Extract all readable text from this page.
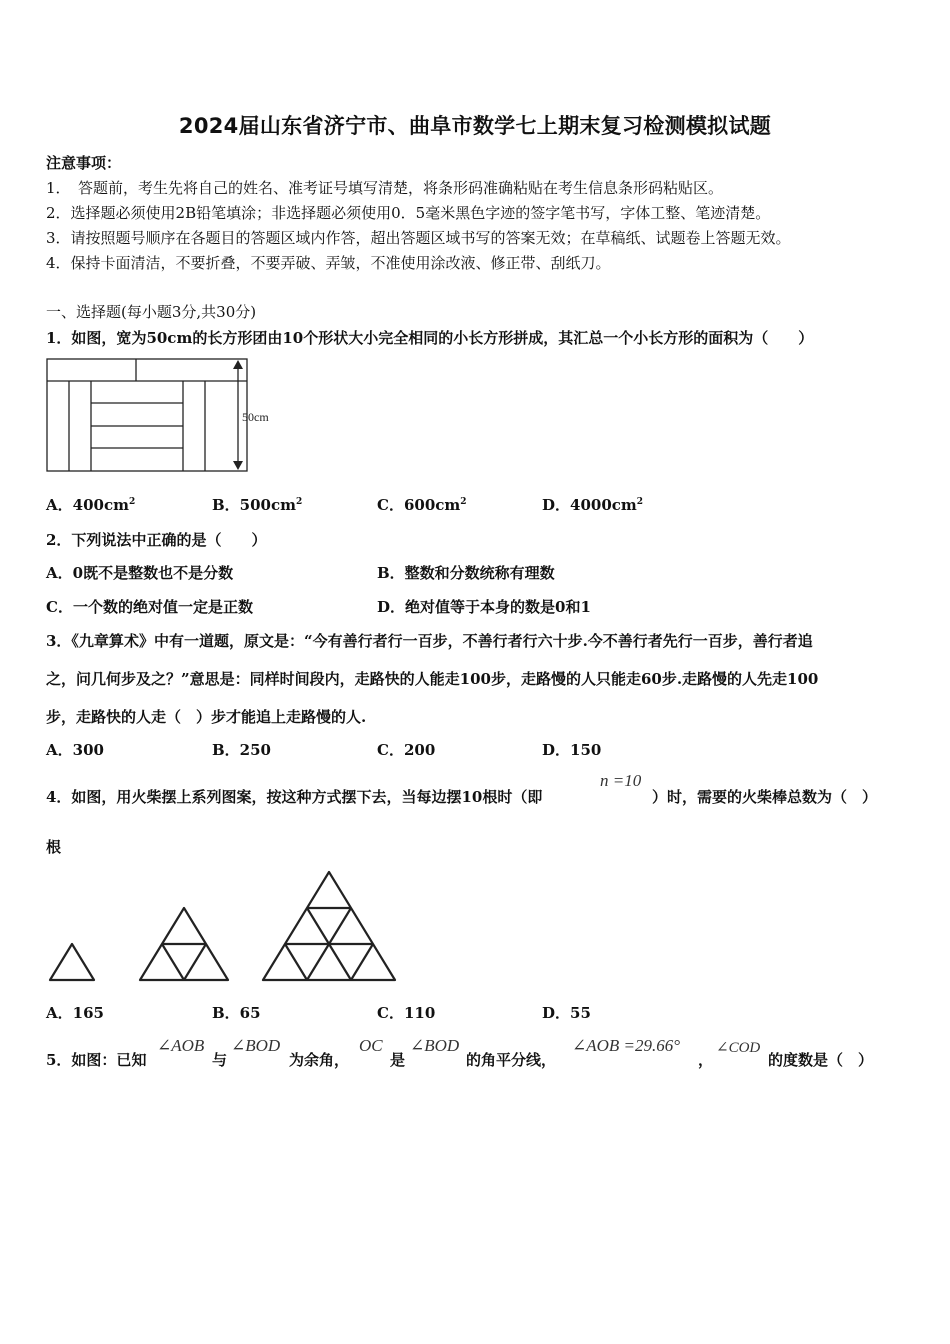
2024届山东省济宁市、曲阜市数学七上期末复习检测模拟试题
注意事项：
1．　答题前，考生先将自己的姓名、准考证号填写清楚，将条形码准确粘贴在考生信息条形码粘贴区。
2．选择题必须使用2B铅笔填涂；非选择题必须使用0．5毫米黑色字迹的签字笔书写，字体工整、笔迹清楚。
3．请按照题号顺序在各题目的答题区域内作答，超出答题区域书写的答案无效；在草稿纸、试题卷上答题无效。
4．保持卡面清洁，不要折叠，不要弄破、弄皱，不准使用涂改液、修正带、刮纸刀。
一、选择题(每小题3分,共30分)
1．如图，宽为50cm的长方形团由10个形状大小完全相同的小长方形拼成，其汇总一个小长方形的面积为（　　）
50cm
A．$400cm^2$	B．$500cm^2$	C．$600cm^2$	D．$4000cm^2$
2．下列说法中正确的是（　　）
A．0既不是整数也不是分数	B．整数和分数统称有理数
C．一个数的绝对值一定是正数	D．绝对值等于本身的数是0和1
3．《九章算术》中有一道题，原文是：“今有善行者行一百步，不善行者行六十步.今不善行者先行一百步，善行者追
之，问几何步及之？”意思是：同样时间段内，走路快的人能走100步，走路慢的人只能走60步.走路慢的人先走100
步，走路快的人走（　）步才能追上走路慢的人.
A．300	B．250	C．200	D．150
4．如图，用火柴摆上系列图案，按这种方式摆下去，当每边摆10根时（即
n =10
）时，需要的火柴棒总数为（　）
根
A．165	B．65	C．110	D．55
5．如图：已知
∠AOB
与
∠BOD
为余角，
OC
是
∠BOD
的角平分线，
∠AOB =29.66°
，
∠COD
的度数是（　）
